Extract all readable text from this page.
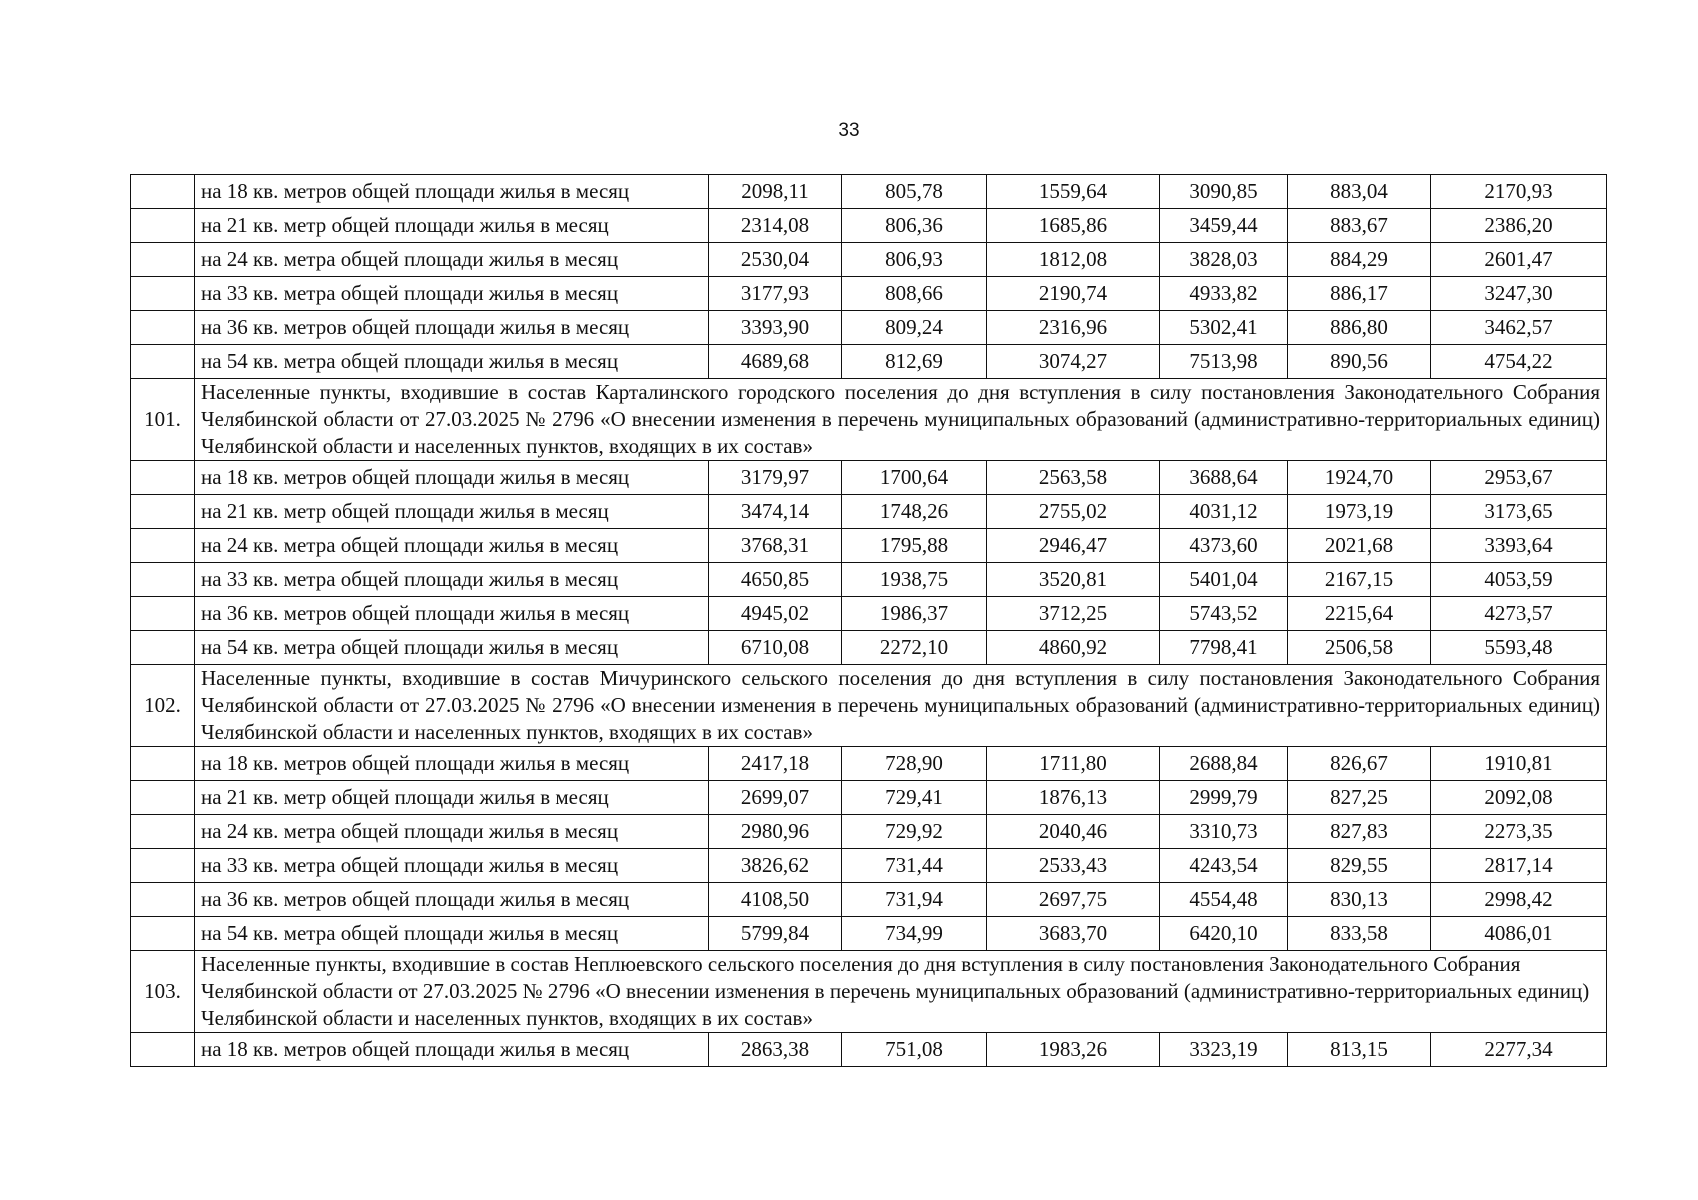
33
	на 18 кв. метров общей площади жилья в месяц	2098,11	805,78	1559,64	3090,85	883,04	2170,93
	на 21 кв. метр общей площади жилья в месяц	2314,08	806,36	1685,86	3459,44	883,67	2386,20
	на 24 кв. метра общей площади жилья в месяц	2530,04	806,93	1812,08	3828,03	884,29	2601,47
	на 33 кв. метра общей площади жилья в месяц	3177,93	808,66	2190,74	4933,82	886,17	3247,30
	на 36 кв. метров общей площади жилья в месяц	3393,90	809,24	2316,96	5302,41	886,80	3462,57
	на 54 кв. метра общей площади жилья в месяц	4689,68	812,69	3074,27	7513,98	890,56	4754,22
101.	Населенные пункты, входившие в состав Карталинского городского поселения до дня вступления в силу постановления Законодательного Собрания Челябинской области от 27.03.2025 № 2796 «О внесении изменения в перечень муниципальных образований (административно-территориальных единиц) Челябинской области и населенных пунктов, входящих в их состав»						
	на 18 кв. метров общей площади жилья в месяц	3179,97	1700,64	2563,58	3688,64	1924,70	2953,67
	на 21 кв. метр общей площади жилья в месяц	3474,14	1748,26	2755,02	4031,12	1973,19	3173,65
	на 24 кв. метра общей площади жилья в месяц	3768,31	1795,88	2946,47	4373,60	2021,68	3393,64
	на 33 кв. метра общей площади жилья в месяц	4650,85	1938,75	3520,81	5401,04	2167,15	4053,59
	на 36 кв. метров общей площади жилья в месяц	4945,02	1986,37	3712,25	5743,52	2215,64	4273,57
	на 54 кв. метра общей площади жилья в месяц	6710,08	2272,10	4860,92	7798,41	2506,58	5593,48
102.	Населенные пункты, входившие в состав Мичуринского сельского поселения до дня вступления в силу постановления Законодательного Собрания Челябинской области от 27.03.2025 № 2796 «О внесении изменения в перечень муниципальных образований (административно-территориальных единиц) Челябинской области и населенных пунктов, входящих в их состав»						
	на 18 кв. метров общей площади жилья в месяц	2417,18	728,90	1711,80	2688,84	826,67	1910,81
	на 21 кв. метр общей площади жилья в месяц	2699,07	729,41	1876,13	2999,79	827,25	2092,08
	на 24 кв. метра общей площади жилья в месяц	2980,96	729,92	2040,46	3310,73	827,83	2273,35
	на 33 кв. метра общей площади жилья в месяц	3826,62	731,44	2533,43	4243,54	829,55	2817,14
	на 36 кв. метров общей площади жилья в месяц	4108,50	731,94	2697,75	4554,48	830,13	2998,42
	на 54 кв. метра общей площади жилья в месяц	5799,84	734,99	3683,70	6420,10	833,58	4086,01
103.	Населенные пункты, входившие в состав Неплюевского сельского поселения до дня вступления в силу постановления Законодательного Собрания Челябинской области от 27.03.2025 № 2796 «О внесении изменения в перечень муниципальных образований (административно-территориальных единиц) Челябинской области и населенных пунктов, входящих в их состав»						
	на 18 кв. метров общей площади жилья в месяц	2863,38	751,08	1983,26	3323,19	813,15	2277,34
